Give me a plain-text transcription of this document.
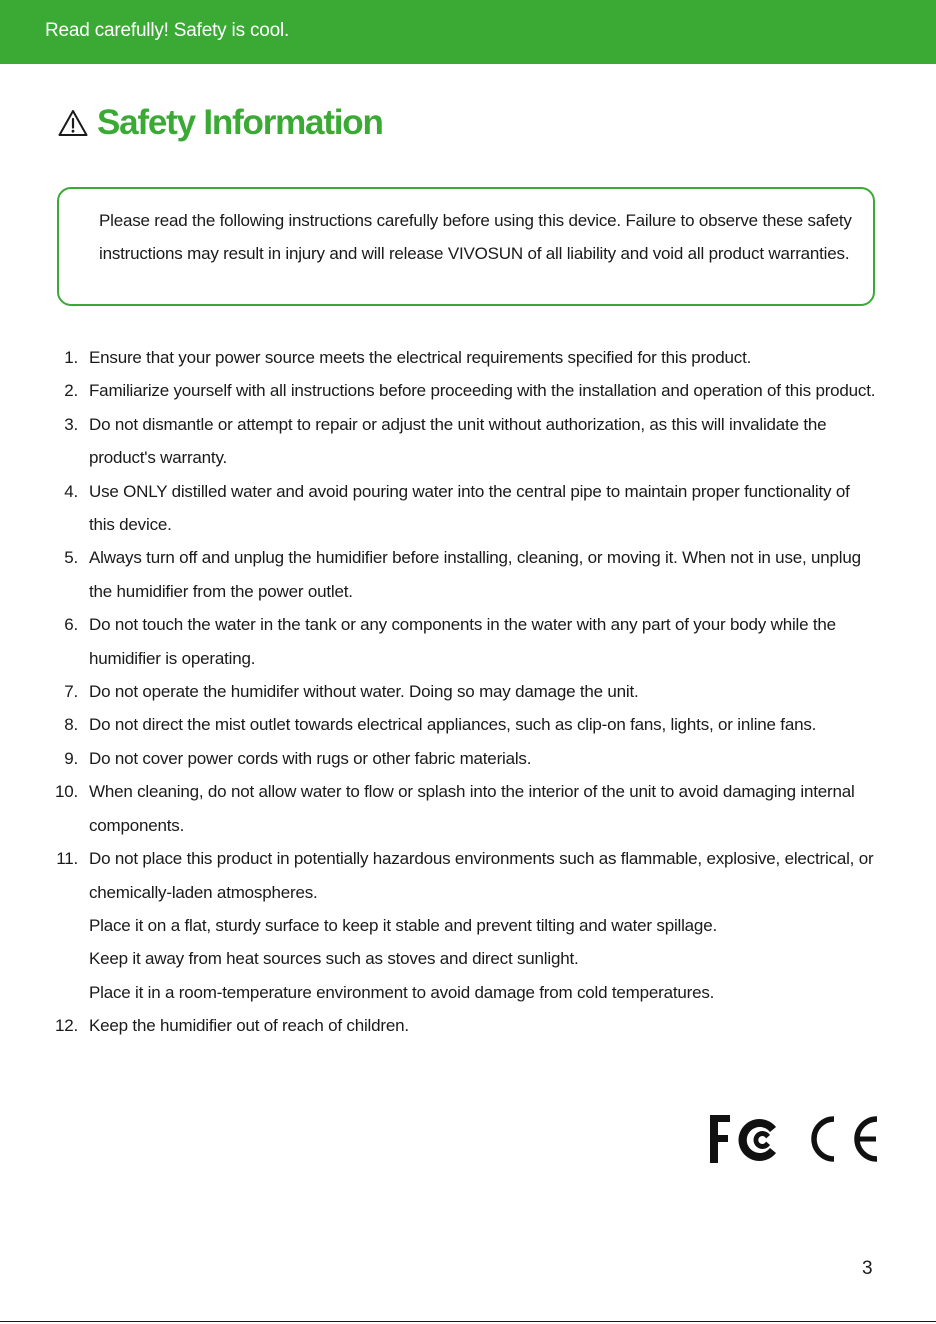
Read carefully! Safety is cool.
Safety Information
Please read the following instructions carefully before using this device. Failure to observe these safety instructions may result in injury and will release VIVOSUN of all liability and void all product warranties.
1. Ensure that your power source meets the electrical requirements specified for this product.
2. Familiarize yourself with all instructions before proceeding with the installation and operation of this product.
3. Do not dismantle or attempt to repair or adjust the unit without authorization, as this will invalidate the product's warranty.
4. Use ONLY distilled water and avoid pouring water into the central pipe to maintain proper functionality of this device.
5. Always turn off and unplug the humidifier before installing, cleaning, or moving it. When not in use, unplug the humidifier from the power outlet.
6. Do not touch the water in the tank or any components in the water with any part of your body while the humidifier is operating.
7. Do not operate the humidifer without water. Doing so may damage the unit.
8. Do not direct the mist outlet towards electrical appliances, such as clip-on fans, lights, or inline fans.
9. Do not cover power cords with rugs or other fabric materials.
10. When cleaning, do not allow water to flow or splash into the interior of the unit to avoid damaging internal components.
11. Do not place this product in potentially hazardous environments such as flammable, explosive, electrical, or chemically-laden atmospheres.
Place it on a flat, sturdy surface to keep it stable and prevent tilting and water spillage.
Keep it away from heat sources such as stoves and direct sunlight.
Place it in a room-temperature environment to avoid damage from cold temperatures.
12. Keep the humidifier out of reach of children.
3
